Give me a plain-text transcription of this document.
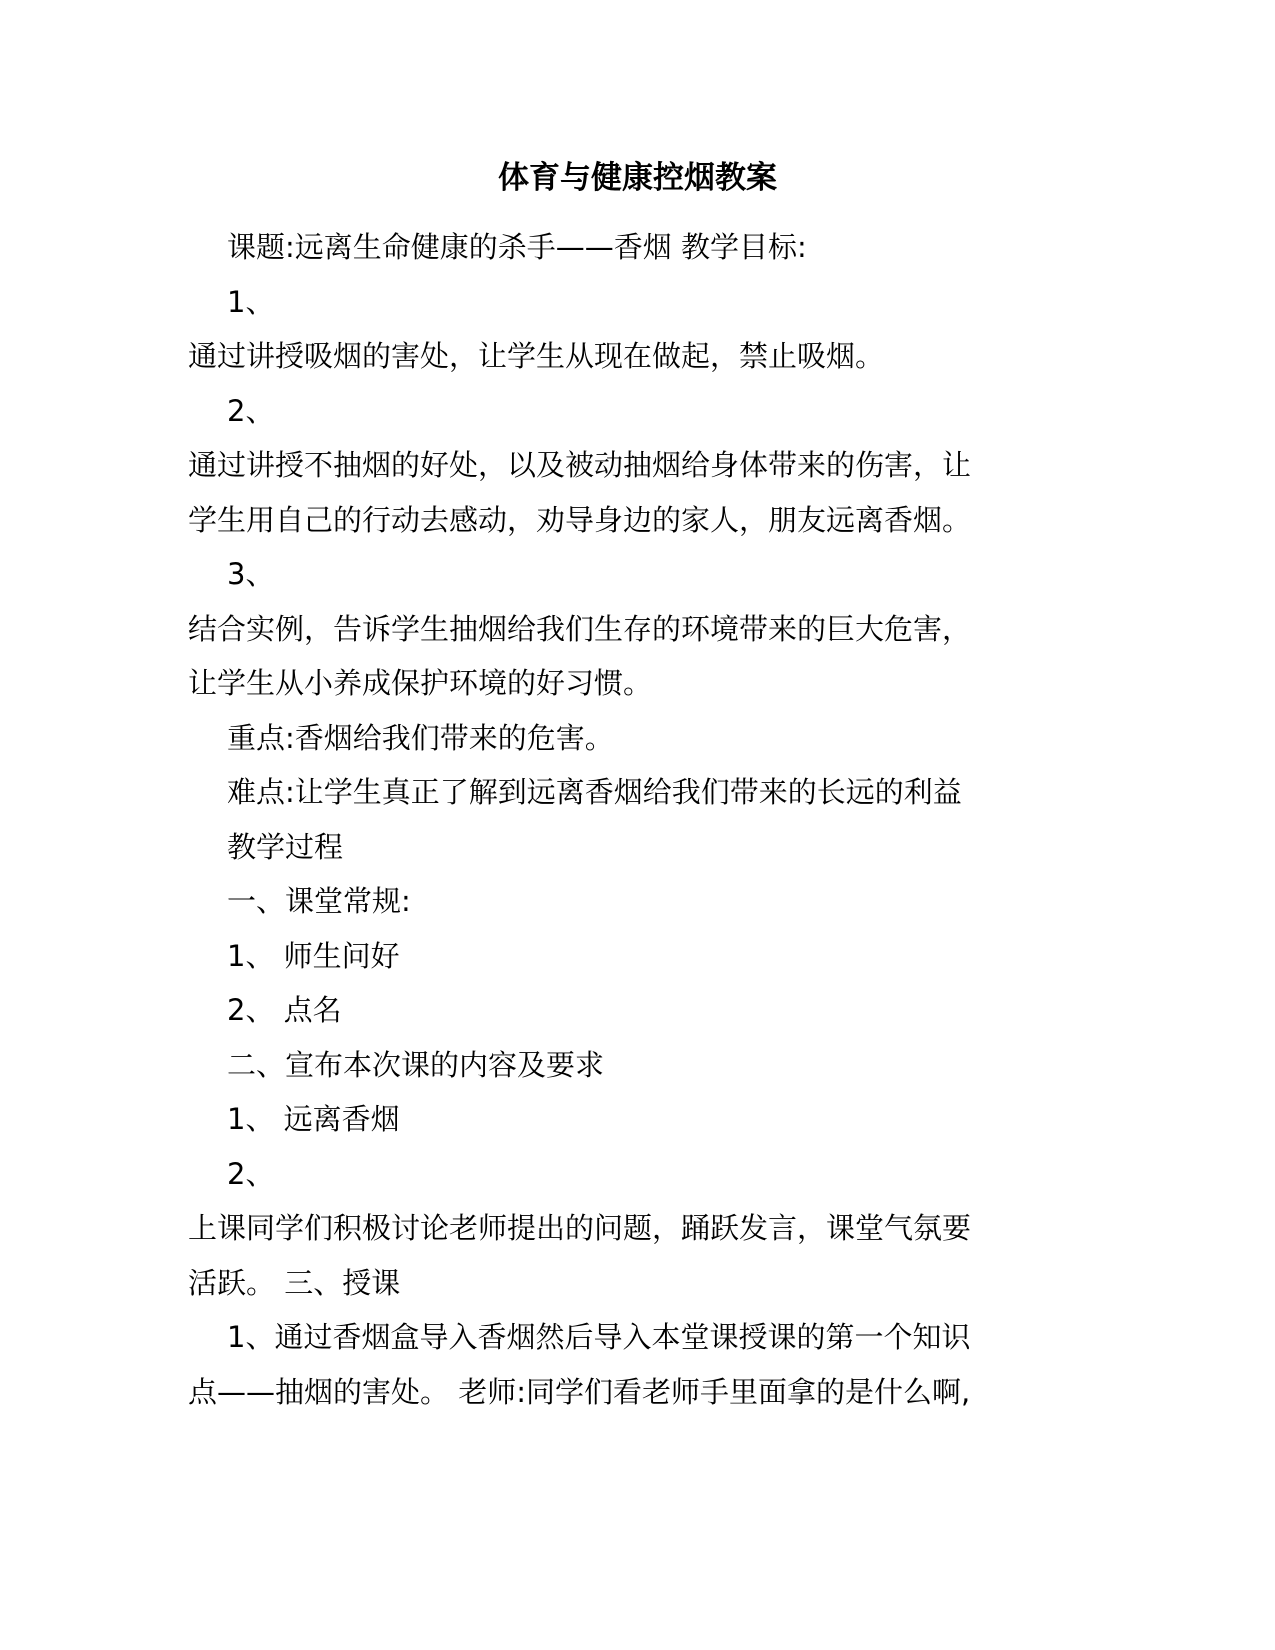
体育与健康控烟教案
课题:远离生命健康的杀手——香烟 教学目标:
1、
通过讲授吸烟的害处，让学生从现在做起，禁止吸烟。
2、
通过讲授不抽烟的好处，以及被动抽烟给身体带来的伤害，让
学生用自己的行动去感动，劝导身边的家人，朋友远离香烟。
3、
结合实例，告诉学生抽烟给我们生存的环境带来的巨大危害，
让学生从小养成保护环境的好习惯。
重点:香烟给我们带来的危害。
难点:让学生真正了解到远离香烟给我们带来的长远的利益
教学过程
一、课堂常规:
1、 师生问好
2、 点名
二、宣布本次课的内容及要求
1、 远离香烟
2、
上课同学们积极讨论老师提出的问题，踊跃发言，课堂气氛要
活跃。 三、授课
1、通过香烟盒导入香烟然后导入本堂课授课的第一个知识
点——抽烟的害处。 老师:同学们看老师手里面拿的是什么啊,
